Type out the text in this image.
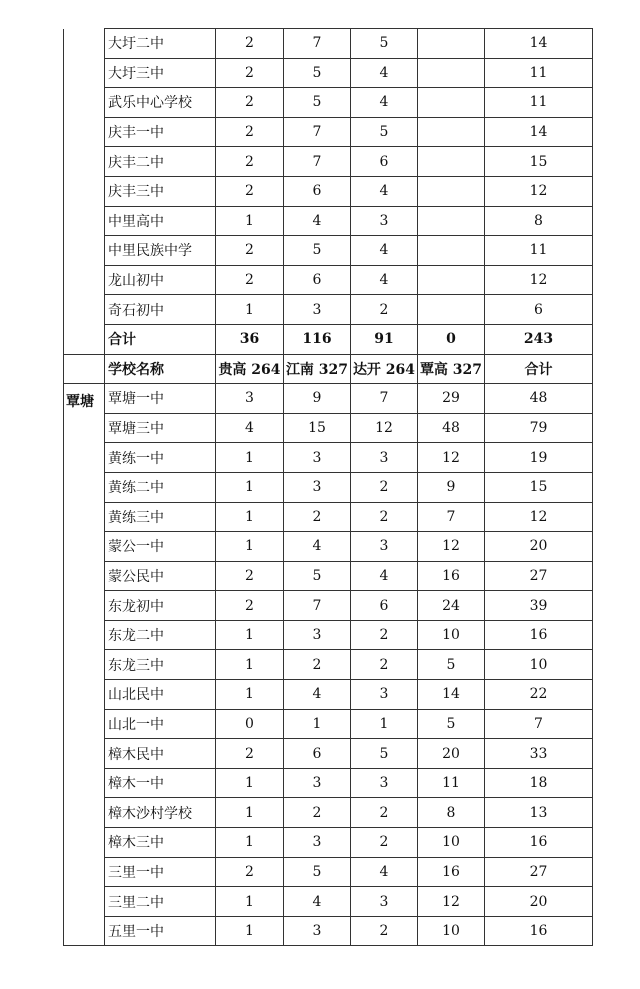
	大圩二中	2	7	5		14
	大圩三中	2	5	4		11
	武乐中心学校	2	5	4		11
	庆丰一中	2	7	5		14
	庆丰二中	2	7	6		15
	庆丰三中	2	6	4		12
	中里高中	1	4	3		8
	中里民族中学	2	5	4		11
	龙山初中	2	6	4		12
	奇石初中	1	3	2		6
	合计	36	116	91	0	243
	学校名称	贵高 264	江南 327	达开 264	覃高 327	合计
覃塘	覃塘一中	3	9	7	29	48
	覃塘三中	4	15	12	48	79
	黄练一中	1	3	3	12	19
	黄练二中	1	3	2	9	15
	黄练三中	1	2	2	7	12
	蒙公一中	1	4	3	12	20
	蒙公民中	2	5	4	16	27
	东龙初中	2	7	6	24	39
	东龙二中	1	3	2	10	16
	东龙三中	1	2	2	5	10
	山北民中	1	4	3	14	22
	山北一中	0	1	1	5	7
	樟木民中	2	6	5	20	33
	樟木一中	1	3	3	11	18
	樟木沙村学校	1	2	2	8	13
	樟木三中	1	3	2	10	16
	三里一中	2	5	4	16	27
	三里二中	1	4	3	12	20
	五里一中	1	3	2	10	16
